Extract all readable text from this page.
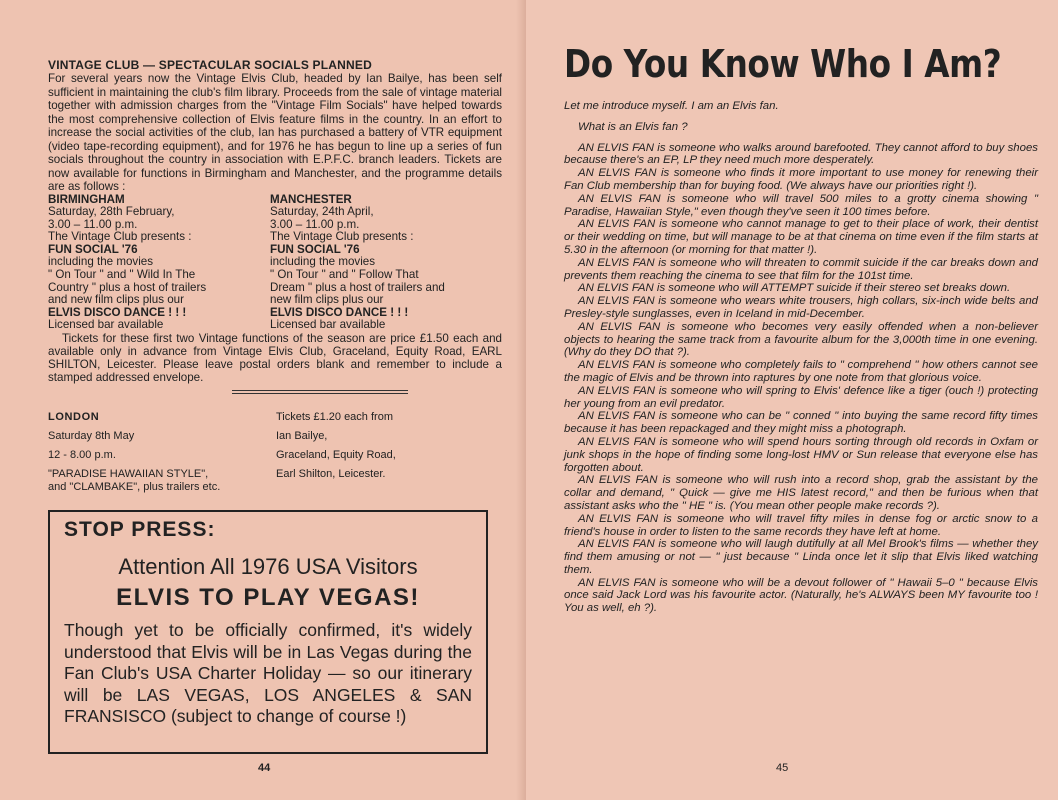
VINTAGE CLUB — SPECTACULAR SOCIALS PLANNED

For several years now the Vintage Elvis Club, headed by Ian Bailye, has been self sufficient in maintaining the club's film library. Proceeds from the sale of vintage material together with admission charges from the "Vintage Film Socials" have helped towards the most comprehensive collection of Elvis feature films in the country. In an effort to increase the social activities of the club, Ian has purchased a battery of VTR equipment (video tape-recording equipment), and for 1976 he has begun to line up a series of fun socials throughout the country in association with E.P.F.C. branch leaders. Tickets are now available for functions in Birmingham and Manchester, and the programme details are as follows :

BIRMINGHAM
Saturday, 28th February,
3.00 – 11.00 p.m.
The Vintage Club presents :
FUN SOCIAL '76
including the movies
" On Tour " and " Wild In The
Country " plus a host of trailers
and new film clips plus our
ELVIS DISCO DANCE ! ! !
Licensed bar available
MANCHESTER
Saturday, 24th April,
3.00 – 11.00 p.m.
The Vintage Club presents :
FUN SOCIAL '76
including the movies
" On Tour " and " Follow That
Dream " plus a host of trailers and
new film clips plus our
ELVIS DISCO DANCE ! ! !
Licensed bar available

Tickets for these first two Vintage functions of the season are price £1.50 each and available only in advance from Vintage Elvis Club, Graceland, Equity Road, EARL SHILTON, Leicester. Please leave postal orders blank and remember to include a stamped addressed envelope.

LONDON
Saturday 8th May
12 - 8.00 p.m.
"PARADISE HAWAIIAN STYLE",
and "CLAMBAKE", plus trailers etc.
Tickets £1.20 each from
Ian Bailye,
Graceland, Equity Road,
Earl Shilton, Leicester.

STOP PRESS:

Attention All 1976 USA Visitors
ELVIS TO PLAY VEGAS!
Though yet to be officially confirmed, it's widely understood that Elvis will be in Las Vegas during the Fan Club's USA Charter Holiday — so our itinerary will be LAS VEGAS, LOS ANGELES & SAN FRANSISCO (subject to change of course !)
44
Do You Know Who I Am?

Let me introduce myself. I am an Elvis fan.

What is an Elvis fan ?

AN ELVIS FAN is someone who walks around barefooted. They cannot afford to buy shoes because there's an EP, LP they need much more desperately.

AN ELVIS FAN is someone who finds it more important to use money for renewing their Fan Club membership than for buying food. (We always have our priorities right !).

AN ELVIS FAN is someone who will travel 500 miles to a grotty cinema showing " Paradise, Hawaiian Style," even though they've seen it 100 times before.

AN ELVIS FAN is someone who cannot manage to get to their place of work, their dentist or their wedding on time, but will manage to be at that cinema on time even if the film starts at 5.30 in the afternoon (or morning for that matter !).

AN ELVIS FAN is someone who will threaten to commit suicide if the car breaks down and prevents them reaching the cinema to see that film for the 101st time.

AN ELVIS FAN is someone who will ATTEMPT suicide if their stereo set breaks down.

AN ELVIS FAN is someone who wears white trousers, high collars, six-inch wide belts and Presley-style sunglasses, even in Iceland in mid-December.

AN ELVIS FAN is someone who becomes very easily offended when a non-believer objects to hearing the same track from a favourite album for the 3,000th time in one evening. (Why do they DO that ?).

AN ELVIS FAN is someone who completely fails to " comprehend " how others cannot see the magic of Elvis and be thrown into raptures by one note from that glorious voice.

AN ELVIS FAN is someone who will spring to Elvis' defence like a tiger (ouch !) protecting her young from an evil predator.

AN ELVIS FAN is someone who can be " conned " into buying the same record fifty times because it has been repackaged and they might miss a photograph.

AN ELVIS FAN is someone who will spend hours sorting through old records in Oxfam or junk shops in the hope of finding some long-lost HMV or Sun release that everyone else has forgotten about.

AN ELVIS FAN is someone who will rush into a record shop, grab the assistant by the collar and demand, " Quick — give me HIS latest record," and then be furious when that assistant asks who the " HE " is. (You mean other people make records ?).

AN ELVIS FAN is someone who will travel fifty miles in dense fog or arctic snow to a friend's house in order to listen to the same records they have left at home.

AN ELVIS FAN is someone who will laugh dutifully at all Mel Brook's films — whether they find them amusing or not — " just because " Linda once let it slip that Elvis liked watching them.

AN ELVIS FAN is someone who will be a devout follower of " Hawaii 5–0 " because Elvis once said Jack Lord was his favourite actor. (Naturally, he's ALWAYS been MY favourite too ! You as well, eh ?).

45
